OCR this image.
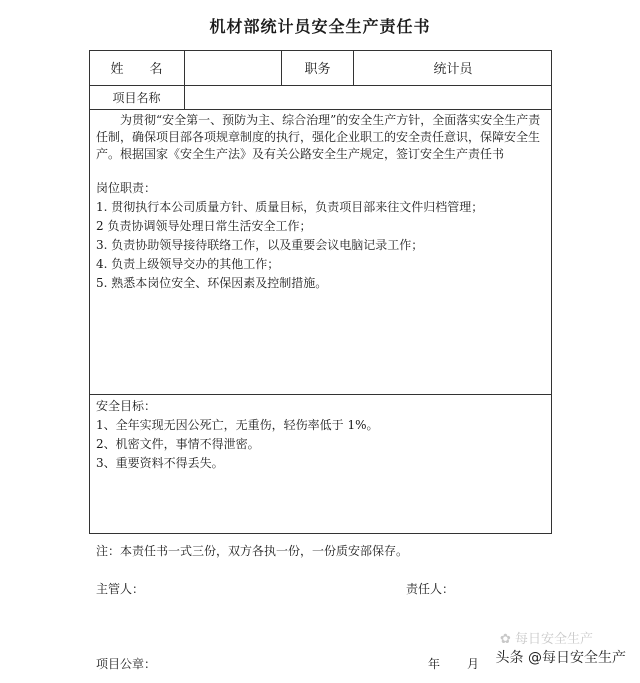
机材部统计员安全生产责任书
姓　　名	职务	统计员
项目名称
为贯彻“安全第一、预防为主、综合治理”的安全生产方针，全面落实安全生产责任制，确保项目部各项规章制度的执行，强化企业职工的安全责任意识，保障安全生产。根据国家《安全生产法》及有关公路安全生产规定，签订安全生产责任书
岗位职责：
1. 贯彻执行本公司质量方针、质量目标，负责项目部来往文件归档管理；
2 负责协调领导处理日常生活安全工作；
3. 负责协助领导接待联络工作，以及重要会议电脑记录工作；
4. 负责上级领导交办的其他工作；
5. 熟悉本岗位安全、环保因素及控制措施。
安全目标：
1、全年实现无因公死亡，无重伤，轻伤率低于 1%。
2、机密文件，事情不得泄密。
3、重要资料不得丢失。
注：本责任书一式三份，双方各执一份，一份质安部保存。
主管人：	责任人：
项目公章：	年 月
✿ 每日安全生产
头条 @每日安全生产
